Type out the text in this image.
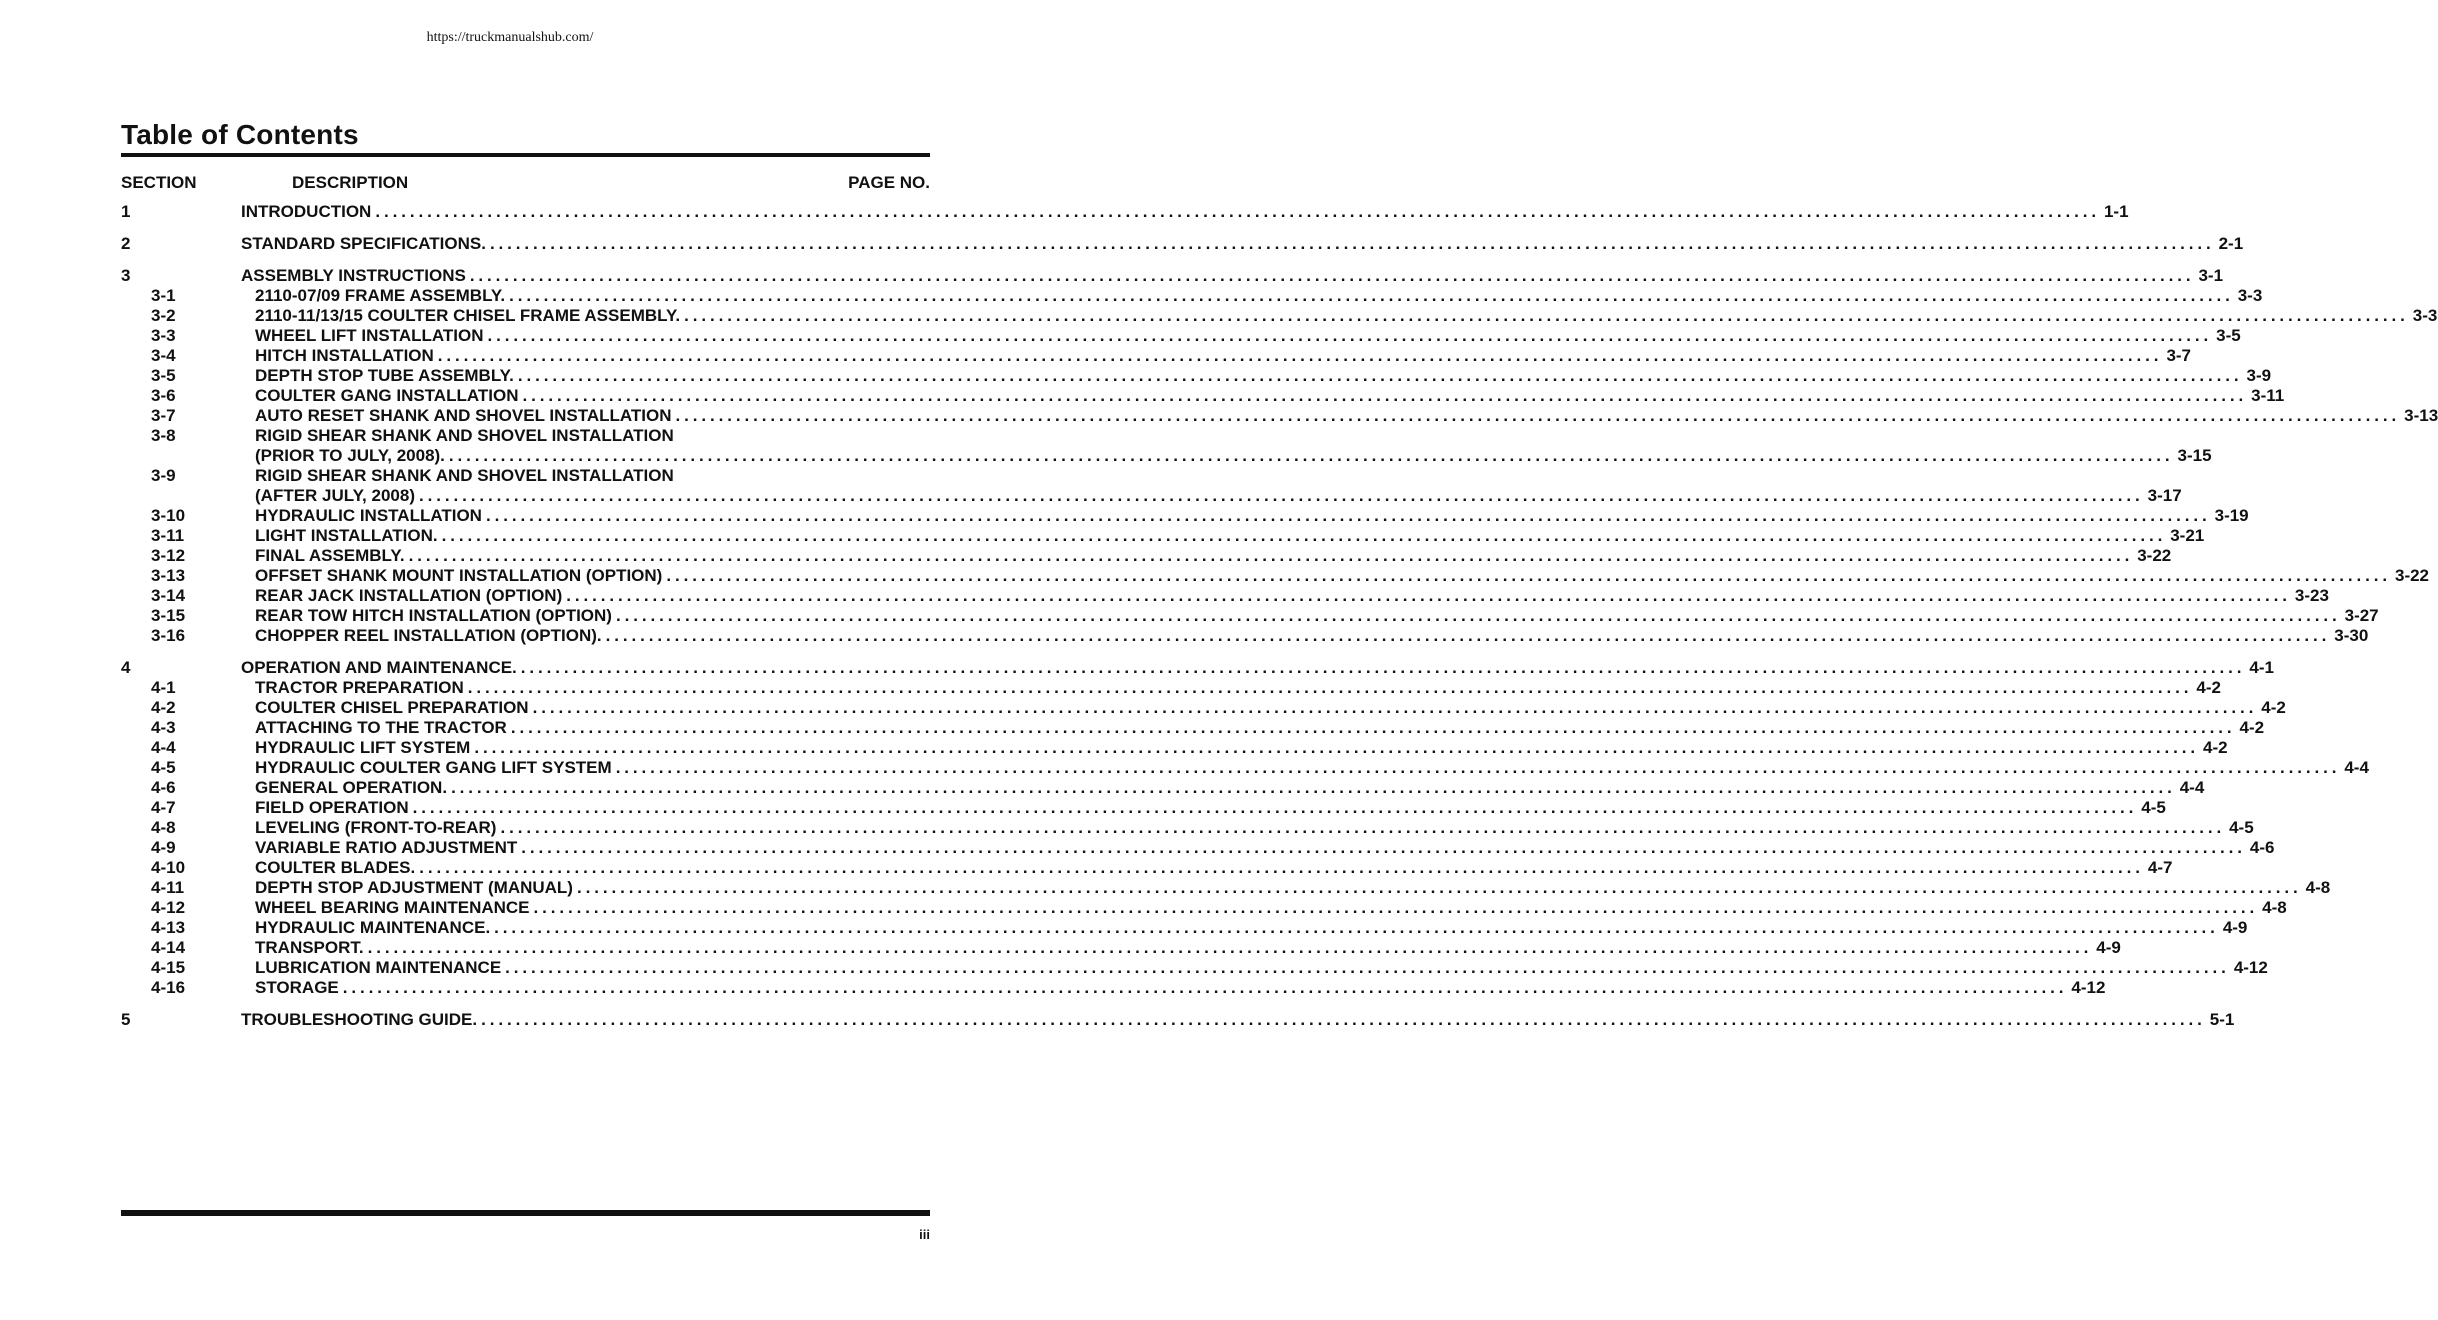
https://truckmanualshub.com/
Table of Contents
SECTION	DESCRIPTION	PAGE NO.
1	INTRODUCTION ........................................................................................................................................................................................................ 1-1
2	STANDARD SPECIFICATIONS. ........................................................................................................................................................................................................ 2-1
3	ASSEMBLY INSTRUCTIONS ........................................................................................................................................................................................................ 3-1
3-1	2110-07/09 FRAME ASSEMBLY. ........................................................................................................................................................................................................ 3-3
3-2	2110-11/13/15 COULTER CHISEL FRAME ASSEMBLY. ........................................................................................................................................................................................................ 3-3
3-3	WHEEL LIFT INSTALLATION ........................................................................................................................................................................................................ 3-5
3-4	HITCH INSTALLATION ........................................................................................................................................................................................................ 3-7
3-5	DEPTH STOP TUBE ASSEMBLY. ........................................................................................................................................................................................................ 3-9
3-6	COULTER GANG INSTALLATION ........................................................................................................................................................................................................ 3-11
3-7	AUTO RESET SHANK AND SHOVEL INSTALLATION ........................................................................................................................................................................................................ 3-13
3-8	RIGID SHEAR SHANK AND SHOVEL INSTALLATION
(PRIOR TO JULY, 2008). ........................................................................................................................................................................................................ 3-15
3-9	RIGID SHEAR SHANK AND SHOVEL INSTALLATION
(AFTER JULY, 2008) ........................................................................................................................................................................................................ 3-17
3-10	HYDRAULIC INSTALLATION ........................................................................................................................................................................................................ 3-19
3-11	LIGHT INSTALLATION. ........................................................................................................................................................................................................ 3-21
3-12	FINAL ASSEMBLY. ........................................................................................................................................................................................................ 3-22
3-13	OFFSET SHANK MOUNT INSTALLATION (OPTION) ........................................................................................................................................................................................................ 3-22
3-14	REAR JACK INSTALLATION (OPTION) ........................................................................................................................................................................................................ 3-23
3-15	REAR TOW HITCH INSTALLATION (OPTION) ........................................................................................................................................................................................................ 3-27
3-16	CHOPPER REEL INSTALLATION (OPTION). ........................................................................................................................................................................................................ 3-30
4	OPERATION AND MAINTENANCE. ........................................................................................................................................................................................................ 4-1
4-1	TRACTOR PREPARATION ........................................................................................................................................................................................................ 4-2
4-2	COULTER CHISEL PREPARATION ........................................................................................................................................................................................................ 4-2
4-3	ATTACHING TO THE TRACTOR ........................................................................................................................................................................................................ 4-2
4-4	HYDRAULIC LIFT SYSTEM ........................................................................................................................................................................................................ 4-2
4-5	HYDRAULIC COULTER GANG LIFT SYSTEM ........................................................................................................................................................................................................ 4-4
4-6	GENERAL OPERATION. ........................................................................................................................................................................................................ 4-4
4-7	FIELD OPERATION ........................................................................................................................................................................................................ 4-5
4-8	LEVELING (FRONT-TO-REAR) ........................................................................................................................................................................................................ 4-5
4-9	VARIABLE RATIO ADJUSTMENT ........................................................................................................................................................................................................ 4-6
4-10	COULTER BLADES. ........................................................................................................................................................................................................ 4-7
4-11	DEPTH STOP ADJUSTMENT (MANUAL) ........................................................................................................................................................................................................ 4-8
4-12	WHEEL BEARING MAINTENANCE ........................................................................................................................................................................................................ 4-8
4-13	HYDRAULIC MAINTENANCE. ........................................................................................................................................................................................................ 4-9
4-14	TRANSPORT. ........................................................................................................................................................................................................ 4-9
4-15	LUBRICATION MAINTENANCE ........................................................................................................................................................................................................ 4-12
4-16	STORAGE ........................................................................................................................................................................................................ 4-12
5	TROUBLESHOOTING GUIDE. ........................................................................................................................................................................................................ 5-1
iii
